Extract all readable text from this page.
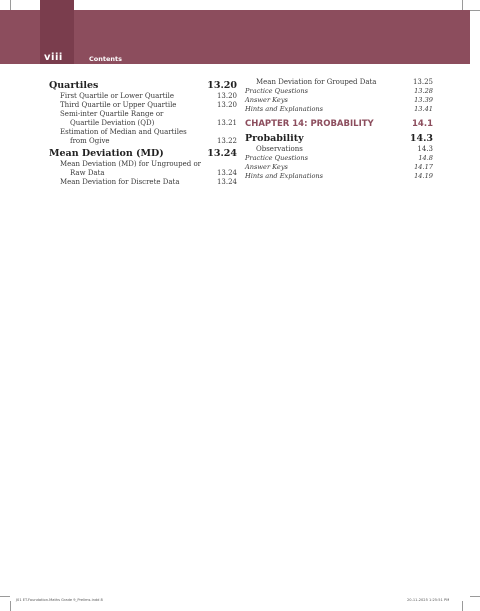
viii	Contents
Quartiles	13.20
First Quartile or Lower Quartile	13.20
Third Quartile or Upper Quartile	13.20
Semi-inter Quartile Range or
Quartile Deviation (QD)	13.21
Estimation of Median and Quartiles
from Ogive	13.22
Mean Deviation (MD)	13.24
Mean Deviation (MD) for Ungrouped or
Raw Data	13.24
Mean Deviation for Discrete Data	13.24
Mean Deviation for Grouped Data	13.25
Practice Questions	13.28
Answer Keys	13.39
Hints and Explanations	13.41
CHAPTER 14: PROBABILITY	14.1
Probability	14.3
Observations	14.3
Practice Questions	14.8
Answer Keys	14.17
Hints and Explanations	14.19
J01 ET.Foundation.Maths Grade 9_Prelims.indd 8	20-11-2025 1:25:51 PM
